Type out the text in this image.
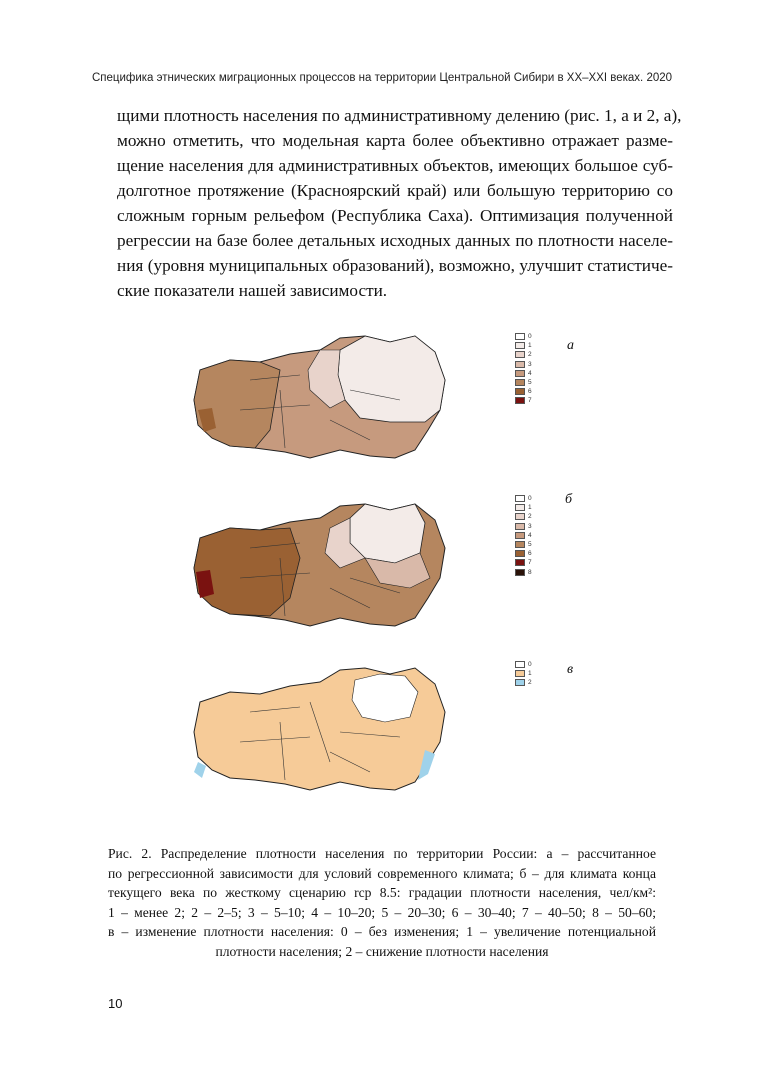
Специфика этнических миграционных процессов на территории Центральной Сибири в XX–XXI веках. 2020
щими плотность населения по административному делению (рис. 1, а и 2, а),
можно отметить, что модельная карта более объективно отражает разме-
щение населения для административных объектов, имеющих большое суб-
долготное протяжение (Красноярский край) или большую территорию со
сложным горным рельефом (Республика Саха). Оптимизация полученной
регрессии на базе более детальных исходных данных по плотности населе-
ния (уровня муниципальных образований), возможно, улучшит статистиче-
ские показатели нашей зависимости.
0
1
2
3
4
5
6
7
а
0
1
2
3
4
5
6
7
8
б
0
1
2
в
Рис. 2. Распределение плотности населения по территории России: а – рассчитанное
по регрессионной зависимости для условий современного климата; б – для климата конца
текущего века по жесткому сценарию rcp 8.5: градации плотности населения, чел/км²:
1 – менее 2; 2 – 2–5; 3 – 5–10; 4 – 10–20; 5 – 20–30; 6 – 30–40; 7 – 40–50; 8 – 50–60;
в – изменение плотности населения: 0 – без изменения; 1 – увеличение потенциальной
плотности населения; 2 – снижение плотности населения
10
